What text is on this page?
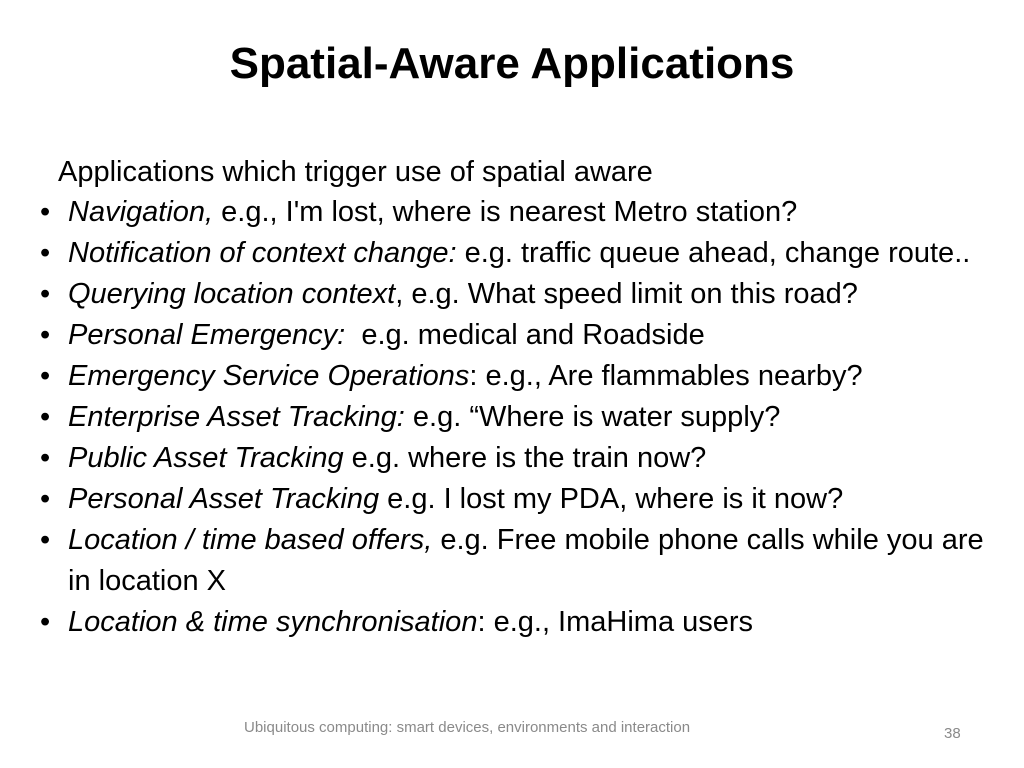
Spatial-Aware Applications
Applications which trigger use of spatial aware
• Navigation, e.g., I'm lost, where is nearest Metro station?
• Notification of context change: e.g. traffic queue ahead, change route..
• Querying location context, e.g. What speed limit on this road?
• Personal Emergency:  e.g. medical and Roadside
• Emergency Service Operations: e.g., Are flammables nearby?
• Enterprise Asset Tracking: e.g. “Where is water supply?
• Public Asset Tracking e.g. where is the train now?
• Personal Asset Tracking e.g. I lost my PDA, where is it now?
• Location / time based offers, e.g. Free mobile phone calls while you are in location X
• Location & time synchronisation: e.g., ImaHima users
Ubiquitous computing: smart devices, environments and interaction	38
